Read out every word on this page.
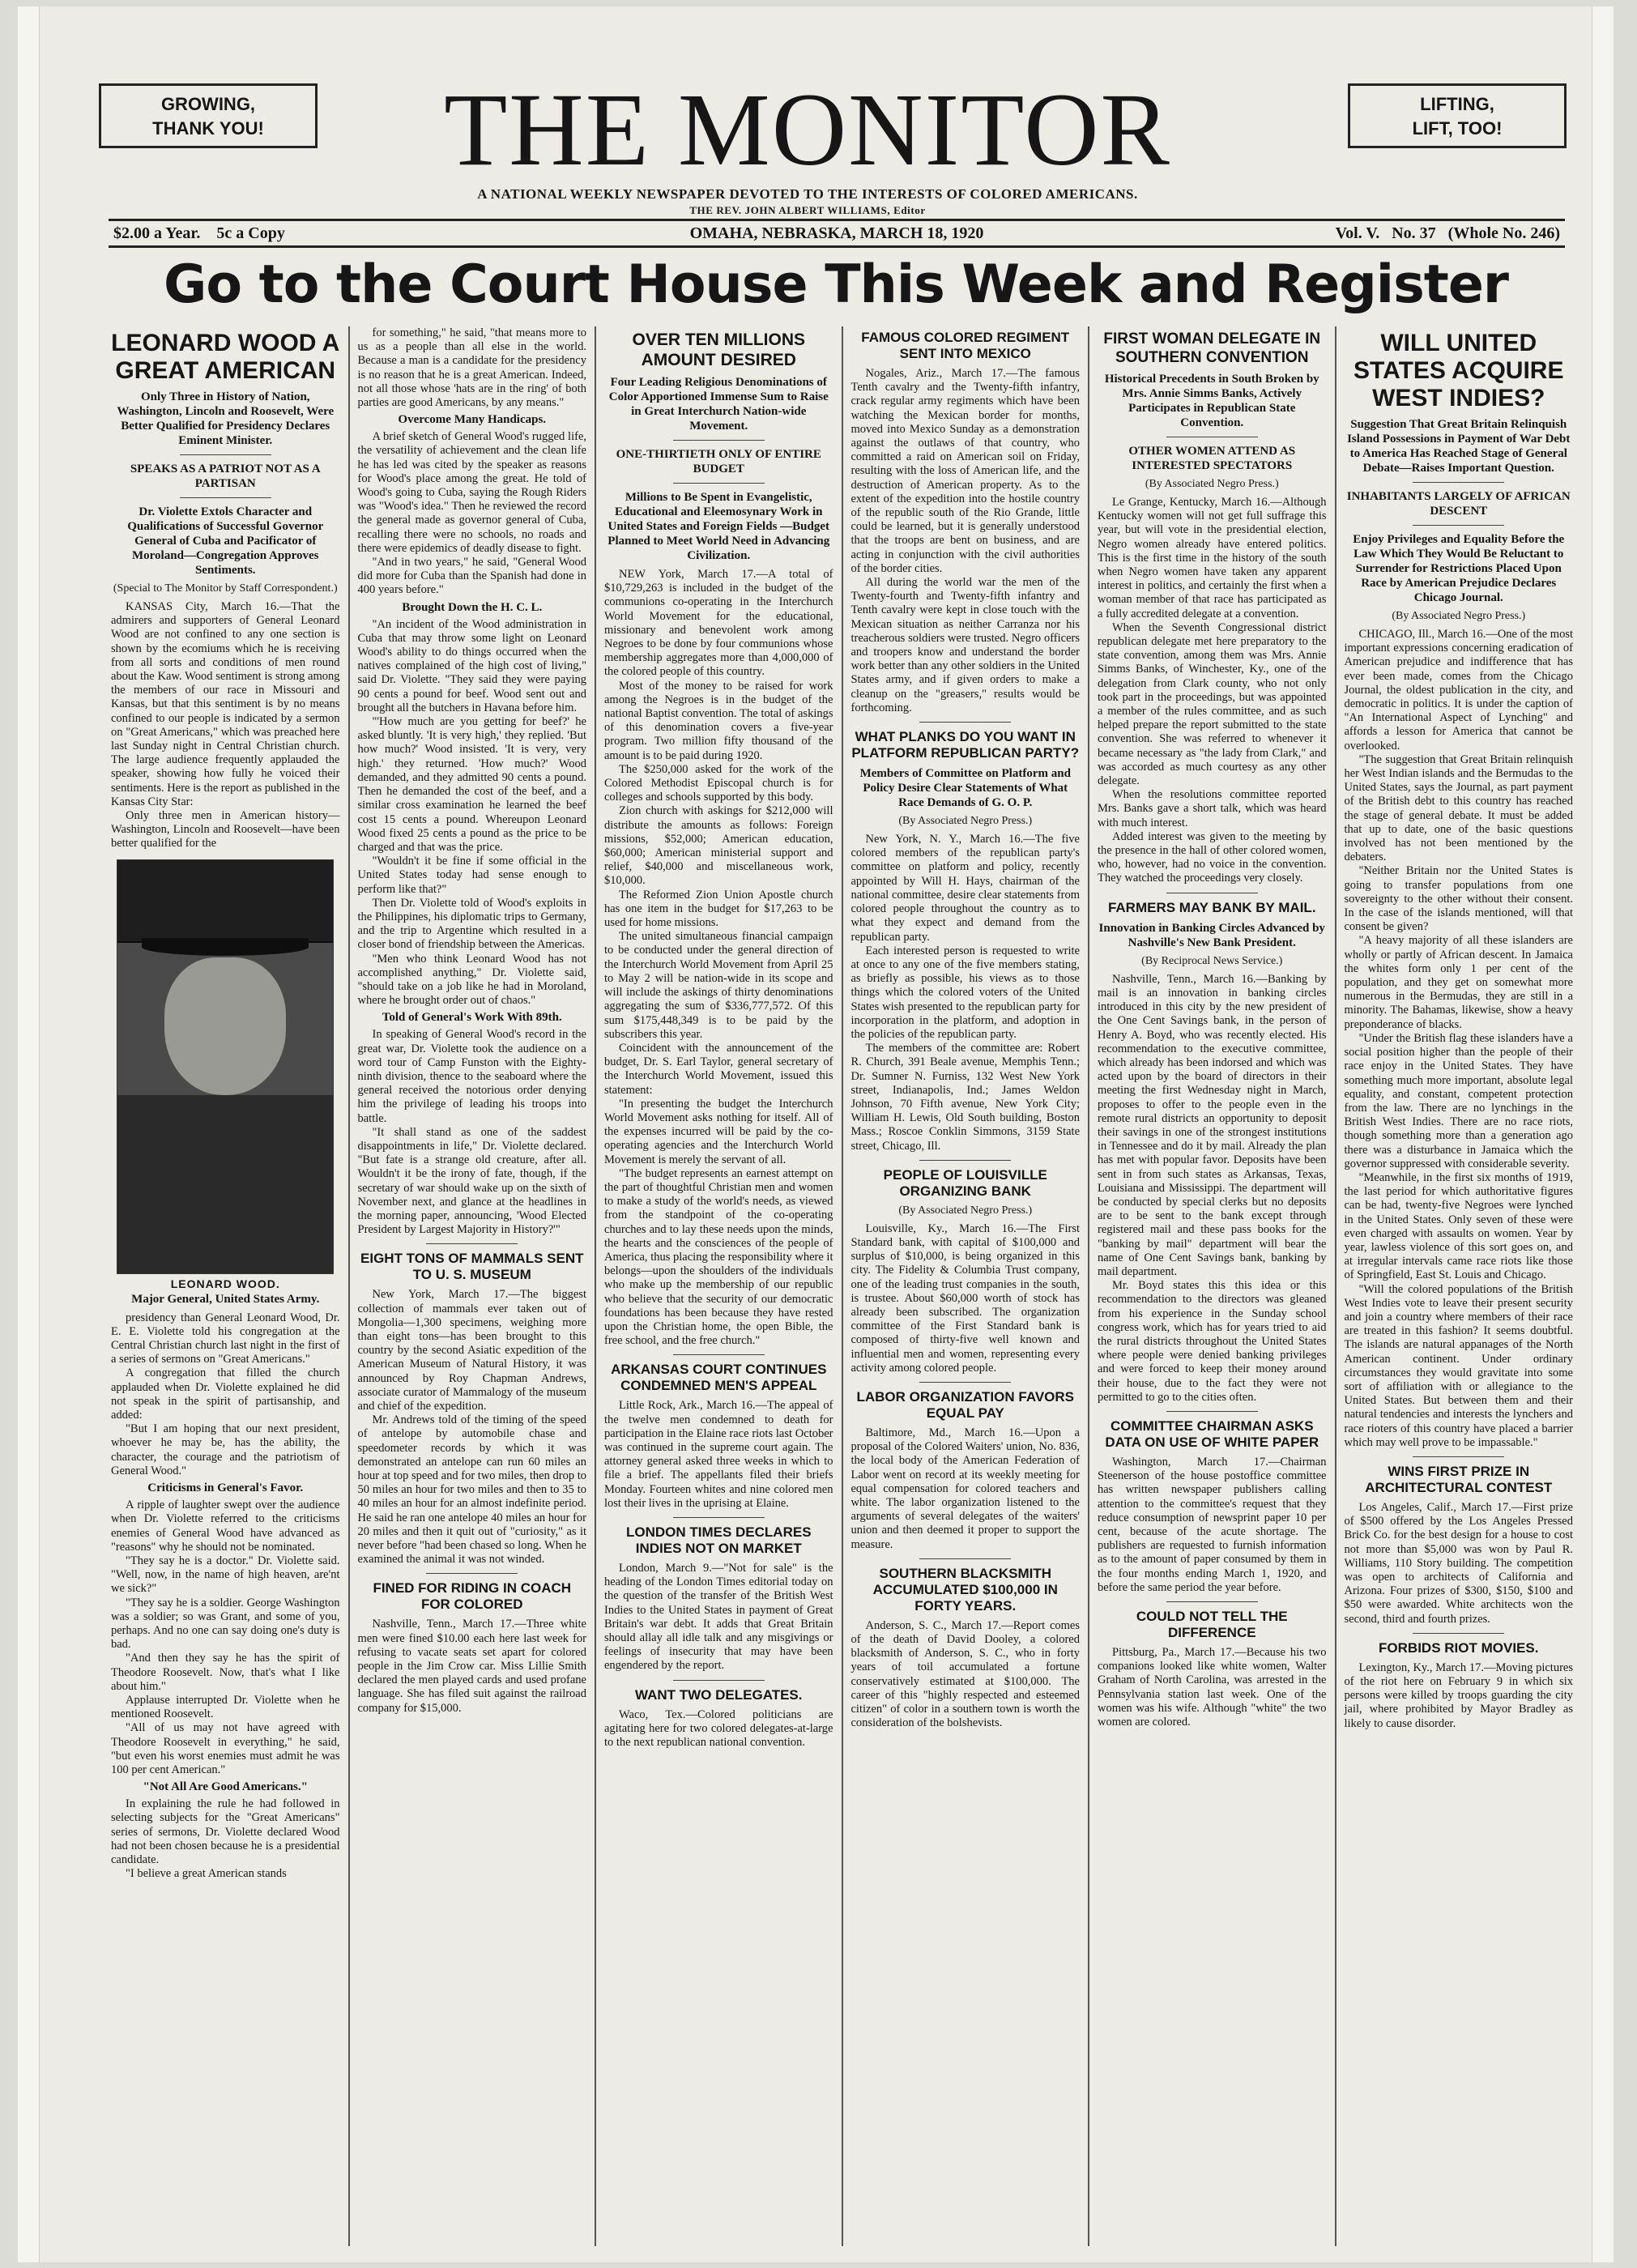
GROWING,
THANK YOU!
LIFTING,
LIFT, TOO!
THE MONITOR
A NATIONAL WEEKLY NEWSPAPER DEVOTED TO THE INTERESTS OF COLORED AMERICANS.
THE REV. JOHN ALBERT WILLIAMS, Editor
$2.00 a Year.    5c a Copy	OMAHA, NEBRASKA, MARCH 18, 1920	Vol. V.   No. 37   (Whole No. 246)
Go to the Court House This Week and Register
LEONARD WOOD A GREAT AMERICAN
Only Three in History of Nation, Washington, Lincoln and Roosevelt, Were Better Qualified for Presidency Declares Eminent Minister.
SPEAKS AS A PATRIOT NOT AS A PARTISAN
Dr. Violette Extols Character and Qualifications of Successful Governor General of Cuba and Pacificator of Moroland—Congregation Approves Sentiments.
(Special to The Monitor by Staff Correspondent.)

KANSAS City, March 16.—That the admirers and supporters of General Leonard Wood are not confined to any one section is shown by the ecomiums which he is receiving from all sorts and conditions of men round about the Kaw. Wood sentiment is strong among the members of our race in Missouri and Kansas, but that this sentiment is by no means confined to our people is indicated by a sermon on "Great Americans," which was preached here last Sunday night in Central Christian church. The large audience frequently applauded the speaker, showing how fully he voiced their sentiments. Here is the report as published in the Kansas City Star:

Only three men in American history—Washington, Lincoln and Roosevelt—have been better qualified for the

LEONARD WOOD.
Major General, United States Army.

presidency than General Leonard Wood, Dr. E. E. Violette told his congregation at the Central Christian church last night in the first of a series of sermons on "Great Americans."

A congregation that filled the church applauded when Dr. Violette explained he did not speak in the spirit of partisanship, and added:

"But I am hoping that our next president, whoever he may be, has the ability, the character, the courage and the patriotism of General Wood."

Criticisms in General's Favor.

A ripple of laughter swept over the audience when Dr. Violette referred to the criticisms enemies of General Wood have advanced as "reasons" why he should not be nominated.

"They say he is a doctor." Dr. Violette said. "Well, now, in the name of high heaven, are'nt we sick?"

"They say he is a soldier. George Washington was a soldier; so was Grant, and some of you, perhaps. And no one can say doing one's duty is bad.

"And then they say he has the spirit of Theodore Roosevelt. Now, that's what I like about him."

Applause interrupted Dr. Violette when he mentioned Roosevelt.

"All of us may not have agreed with Theodore Roosevelt in everything," he said, "but even his worst enemies must admit he was 100 per cent American."

"Not All Are Good Americans."

In explaining the rule he had followed in selecting subjects for the "Great Americans" series of sermons, Dr. Violette declared Wood had not been chosen because he is a presidential candidate.

"I believe a great American stands

for something," he said, "that means more to us as a people than all else in the world. Because a man is a candidate for the presidency is no reason that he is a great American. Indeed, not all those whose 'hats are in the ring' of both parties are good Americans, by any means."

Overcome Many Handicaps.

A brief sketch of General Wood's rugged life, the versatility of achievement and the clean life he has led was cited by the speaker as reasons for Wood's place among the great. He told of Wood's going to Cuba, saying the Rough Riders was "Wood's idea." Then he reviewed the record the general made as governor general of Cuba, recalling there were no schools, no roads and there were epidemics of deadly disease to fight.

"And in two years," he said, "General Wood did more for Cuba than the Spanish had done in 400 years before."

Brought Down the H. C. L.

"An incident of the Wood administration in Cuba that may throw some light on Leonard Wood's ability to do things occurred when the natives complained of the high cost of living," said Dr. Violette. "They said they were paying 90 cents a pound for beef. Wood sent out and brought all the butchers in Havana before him.

"'How much are you getting for beef?' he asked bluntly. 'It is very high,' they replied. 'But how much?' Wood insisted. 'It is very, very high.' they returned. 'How much?' Wood demanded, and they admitted 90 cents a pound. Then he demanded the cost of the beef, and a similar cross examination he learned the beef cost 15 cents a pound. Whereupon Leonard Wood fixed 25 cents a pound as the price to be charged and that was the price.

"Wouldn't it be fine if some official in the United States today had sense enough to perform like that?"

Then Dr. Violette told of Wood's exploits in the Philippines, his diplomatic trips to Germany, and the trip to Argentine which resulted in a closer bond of friendship between the Americas.

"Men who think Leonard Wood has not accomplished anything," Dr. Violette said, "should take on a job like he had in Moroland, where he brought order out of chaos."

Told of General's Work With 89th.

In speaking of General Wood's record in the great war, Dr. Violette took the audience on a word tour of Camp Funston with the Eighty-ninth division, thence to the seaboard where the general received the notorious order denying him the privilege of leading his troops into battle.

"It shall stand as one of the saddest disappointments in life," Dr. Violette declared. "But fate is a strange old creature, after all. Wouldn't it be the irony of fate, though, if the secretary of war should wake up on the sixth of November next, and glance at the headlines in the morning paper, announcing, 'Wood Elected President by Largest Majority in History?'"

EIGHT TONS OF MAMMALS SENT TO U. S. MUSEUM

New York, March 17.—The biggest collection of mammals ever taken out of Mongolia—1,300 specimens, weighing more than eight tons—has been brought to this country by the second Asiatic expedition of the American Museum of Natural History, it was announced by Roy Chapman Andrews, associate curator of Mammalogy of the museum and chief of the expedition.

Mr. Andrews told of the timing of the speed of antelope by automobile chase and speedometer records by which it was demonstrated an antelope can run 60 miles an hour at top speed and for two miles, then drop to 50 miles an hour for two miles and then to 35 to 40 miles an hour for an almost indefinite period. He said he ran one antelope 40 miles an hour for 20 miles and then it quit out of "curiosity," as it never before "had been chased so long. When he examined the animal it was not winded.

FINED FOR RIDING IN COACH FOR COLORED

Nashville, Tenn., March 17.—Three white men were fined $10.00 each here last week for refusing to vacate seats set apart for colored people in the Jim Crow car. Miss Lillie Smith declared the men played cards and used profane language. She has filed suit against the railroad company for $15,000.

OVER TEN MILLIONS AMOUNT DESIRED
Four Leading Religious Denominations of Color Apportioned Immense Sum to Raise in Great Interchurch Nation-wide Movement.
ONE-THIRTIETH ONLY OF ENTIRE BUDGET
Millions to Be Spent in Evangelistic, Educational and Eleemosynary Work in United States and Foreign Fields —Budget Planned to Meet World Need in Advancing Civilization.

NEW York, March 17.—A total of $10,729,263 is included in the budget of the communions co-operating in the Interchurch World Movement for the educational, missionary and benevolent work among Negroes to be done by four communions whose membership aggregates more than 4,000,000 of the colored people of this country.

Most of the money to be raised for work among the Negroes is in the budget of the national Baptist convention. The total of askings of this denomination covers a five-year program. Two million fifty thousand of the amount is to be paid during 1920.

The $250,000 asked for the work of the Colored Methodist Episcopal church is for colleges and schools supported by this body.

Zion church with askings for $212,000 will distribute the amounts as follows: Foreign missions, $52,000; American education, $60,000; American ministerial support and relief, $40,000 and miscellaneous work, $10,000.

The Reformed Zion Union Apostle church has one item in the budget for $17,263 to be used for home missions.

The united simultaneous financial campaign to be conducted under the general direction of the Interchurch World Movement from April 25 to May 2 will be nation-wide in its scope and will include the askings of thirty denominations aggregating the sum of $336,777,572. Of this sum $175,448,349 is to be paid by the subscribers this year.

Coincident with the announcement of the budget, Dr. S. Earl Taylor, general secretary of the Interchurch World Movement, issued this statement:

"In presenting the budget the Interchurch World Movement asks nothing for itself. All of the expenses incurred will be paid by the co-operating agencies and the Interchurch World Movement is merely the servant of all.

"The budget represents an earnest attempt on the part of thoughtful Christian men and women to make a study of the world's needs, as viewed from the standpoint of the co-operating churches and to lay these needs upon the minds, the hearts and the consciences of the people of America, thus placing the responsibility where it belongs—upon the shoulders of the individuals who make up the membership of our republic who believe that the security of our democratic foundations has been because they have rested upon the Christian home, the open Bible, the free school, and the free church."

ARKANSAS COURT CONTINUES CONDEMNED MEN'S APPEAL

Little Rock, Ark., March 16.—The appeal of the twelve men condemned to death for participation in the Elaine race riots last October was continued in the supreme court again. The attorney general asked three weeks in which to file a brief. The appellants filed their briefs Monday. Fourteen whites and nine colored men lost their lives in the uprising at Elaine.

LONDON TIMES DECLARES INDIES NOT ON MARKET

London, March 9.—"Not for sale" is the heading of the London Times editorial today on the question of the transfer of the British West Indies to the United States in payment of Great Britain's war debt. It adds that Great Britain should allay all idle talk and any misgivings or feelings of insecurity that may have been engendered by the report.

WANT TWO DELEGATES.

Waco, Tex.—Colored politicians are agitating here for two colored delegates-at-large to the next republican national convention.

FAMOUS COLORED REGIMENT SENT INTO MEXICO

Nogales, Ariz., March 17.—The famous Tenth cavalry and the Twenty-fifth infantry, crack regular army regiments which have been watching the Mexican border for months, moved into Mexico Sunday as a demonstration against the outlaws of that country, who committed a raid on American soil on Friday, resulting with the loss of American life, and the destruction of American property. As to the extent of the expedition into the hostile country of the republic south of the Rio Grande, little could be learned, but it is generally understood that the troops are bent on business, and are acting in conjunction with the civil authorities of the border cities.

All during the world war the men of the Twenty-fourth and Twenty-fifth infantry and Tenth cavalry were kept in close touch with the Mexican situation as neither Carranza nor his treacherous soldiers were trusted. Negro officers and troopers know and understand the border work better than any other soldiers in the United States army, and if given orders to make a cleanup on the "greasers," results would be forthcoming.

WHAT PLANKS DO YOU WANT IN PLATFORM REPUBLICAN PARTY?
Members of Committee on Platform and Policy Desire Clear Statements of What Race Demands of G. O. P.
(By Associated Negro Press.)

New York, N. Y., March 16.—The five colored members of the republican party's committee on platform and policy, recently appointed by Will H. Hays, chairman of the national committee, desire clear statements from colored people throughout the country as to what they expect and demand from the republican party.

Each interested person is requested to write at once to any one of the five members stating, as briefly as possible, his views as to those things which the colored voters of the United States wish presented to the republican party for incorporation in the platform, and adoption in the policies of the republican party.

The members of the committee are: Robert R. Church, 391 Beale avenue, Memphis Tenn.; Dr. Sumner N. Furniss, 132 West New York street, Indianapolis, Ind.; James Weldon Johnson, 70 Fifth avenue, New York City; William H. Lewis, Old South building, Boston Mass.; Roscoe Conklin Simmons, 3159 State street, Chicago, Ill.

PEOPLE OF LOUISVILLE ORGANIZING BANK
(By Associated Negro Press.)

Louisville, Ky., March 16.—The First Standard bank, with capital of $100,000 and surplus of $10,000, is being organized in this city. The Fidelity & Columbia Trust company, one of the leading trust companies in the south, is trustee. About $60,000 worth of stock has already been subscribed. The organization committee of the First Standard bank is composed of thirty-five well known and influential men and women, representing every activity among colored people.

LABOR ORGANIZATION FAVORS EQUAL PAY

Baltimore, Md., March 16.—Upon a proposal of the Colored Waiters' union, No. 836, the local body of the American Federation of Labor went on record at its weekly meeting for equal compensation for colored teachers and white. The labor organization listened to the arguments of several delegates of the waiters' union and then deemed it proper to support the measure.

SOUTHERN BLACKSMITH ACCUMULATED $100,000 IN FORTY YEARS.

Anderson, S. C., March 17.—Report comes of the death of David Dooley, a colored blacksmith of Anderson, S. C., who in forty years of toil accumulated a fortune conservatively estimated at $100,000. The career of this "highly respected and esteemed citizen" of color in a southern town is worth the consideration of the bolshevists.

FIRST WOMAN DELEGATE IN SOUTHERN CONVENTION
Historical Precedents in South Broken by Mrs. Annie Simms Banks, Actively Participates in Republican State Convention.
OTHER WOMEN ATTEND AS INTERESTED SPECTATORS
(By Associated Negro Press.)

Le Grange, Kentucky, March 16.—Although Kentucky women will not get full suffrage this year, but will vote in the presidential election, Negro women already have entered politics. This is the first time in the history of the south when Negro women have taken any apparent interest in politics, and certainly the first when a woman member of that race has participated as a fully accredited delegate at a convention.

When the Seventh Congressional district republican delegate met here preparatory to the state convention, among them was Mrs. Annie Simms Banks, of Winchester, Ky., one of the delegation from Clark county, who not only took part in the proceedings, but was appointed a member of the rules committee, and as such helped prepare the report submitted to the state convention. She was referred to whenever it became necessary as "the lady from Clark," and was accorded as much courtesy as any other delegate.

When the resolutions committee reported Mrs. Banks gave a short talk, which was heard with much interest.

Added interest was given to the meeting by the presence in the hall of other colored women, who, however, had no voice in the convention. They watched the proceedings very closely.

FARMERS MAY BANK BY MAIL.
Innovation in Banking Circles Advanced by Nashville's New Bank President.
(By Reciprocal News Service.)

Nashville, Tenn., March 16.—Banking by mail is an innovation in banking circles introduced in this city by the new president of the One Cent Savings bank, in the person of Henry A. Boyd, who was recently elected. His recommendation to the executive committee, which already has been indorsed and which was acted upon by the board of directors in their meeting the first Wednesday night in March, proposes to offer to the people even in the remote rural districts an opportunity to deposit their savings in one of the strongest institutions in Tennessee and do it by mail. Already the plan has met with popular favor. Deposits have been sent in from such states as Arkansas, Texas, Louisiana and Mississippi. The department will be conducted by special clerks but no deposits are to be sent to the bank except through registered mail and these pass books for the "banking by mail" department will bear the name of One Cent Savings bank, banking by mail department.

Mr. Boyd states this this idea or this recommendation to the directors was gleaned from his experience in the Sunday school congress work, which has for years tried to aid the rural districts throughout the United States where people were denied banking privileges and were forced to keep their money around their house, due to the fact they were not permitted to go to the cities often.

COMMITTEE CHAIRMAN ASKS DATA ON USE OF WHITE PAPER

Washington, March 17.—Chairman Steenerson of the house postoffice committee has written newspaper publishers calling attention to the committee's request that they reduce consumption of newsprint paper 10 per cent, because of the acute shortage. The publishers are requested to furnish information as to the amount of paper consumed by them in the four months ending March 1, 1920, and before the same period the year before.

COULD NOT TELL THE DIFFERENCE

Pittsburg, Pa., March 17.—Because his two companions looked like white women, Walter Graham of North Carolina, was arrested in the Pennsylvania station last week. One of the women was his wife. Although "white" the two women are colored.

WILL UNITED STATES ACQUIRE WEST INDIES?
Suggestion That Great Britain Relinquish Island Possessions in Payment of War Debt to America Has Reached Stage of General Debate—Raises Important Question.
INHABITANTS LARGELY OF AFRICAN DESCENT
Enjoy Privileges and Equality Before the Law Which They Would Be Reluctant to Surrender for Restrictions Placed Upon Race by American Prejudice Declares Chicago Journal.
(By Associated Negro Press.)

CHICAGO, Ill., March 16.—One of the most important expressions concerning eradication of American prejudice and indifference that has ever been made, comes from the Chicago Journal, the oldest publication in the city, and democratic in politics. It is under the caption of "An International Aspect of Lynching" and affords a lesson for America that cannot be overlooked.

"The suggestion that Great Britain relinquish her West Indian islands and the Bermudas to the United States, says the Journal, as part payment of the British debt to this country has reached the stage of general debate. It must be added that up to date, one of the basic questions involved has not been mentioned by the debaters.

"Neither Britain nor the United States is going to transfer populations from one sovereignty to the other without their consent. In the case of the islands mentioned, will that consent be given?

"A heavy majority of all these islanders are wholly or partly of African descent. In Jamaica the whites form only 1 per cent of the population, and they get on somewhat more numerous in the Bermudas, they are still in a minority. The Bahamas, likewise, show a heavy preponderance of blacks.

"Under the British flag these islanders have a social position higher than the people of their race enjoy in the United States. They have something much more important, absolute legal equality, and constant, competent protection from the law. There are no lynchings in the British West Indies. There are no race riots, though something more than a generation ago there was a disturbance in Jamaica which the governor suppressed with considerable severity.

"Meanwhile, in the first six months of 1919, the last period for which authoritative figures can be had, twenty-five Negroes were lynched in the United States. Only seven of these were even charged with assaults on women. Year by year, lawless violence of this sort goes on, and at irregular intervals came race riots like those of Springfield, East St. Louis and Chicago.

"Will the colored populations of the British West Indies vote to leave their present security and join a country where members of their race are treated in this fashion? It seems doubtful. The islands are natural appanages of the North American continent. Under ordinary circumstances they would gravitate into some sort of affiliation with or allegiance to the United States. But between them and their natural tendencies and interests the lynchers and race rioters of this country have placed a barrier which may well prove to be impassable."

WINS FIRST PRIZE IN ARCHITECTURAL CONTEST

Los Angeles, Calif., March 17.—First prize of $500 offered by the Los Angeles Pressed Brick Co. for the best design for a house to cost not more than $5,000 was won by Paul R. Williams, 110 Story building. The competition was open to architects of California and Arizona. Four prizes of $300, $150, $100 and $50 were awarded. White architects won the second, third and fourth prizes.

FORBIDS RIOT MOVIES.

Lexington, Ky., March 17.—Moving pictures of the riot here on February 9 in which six persons were killed by troops guarding the city jail, where prohibited by Mayor Bradley as likely to cause disorder.
